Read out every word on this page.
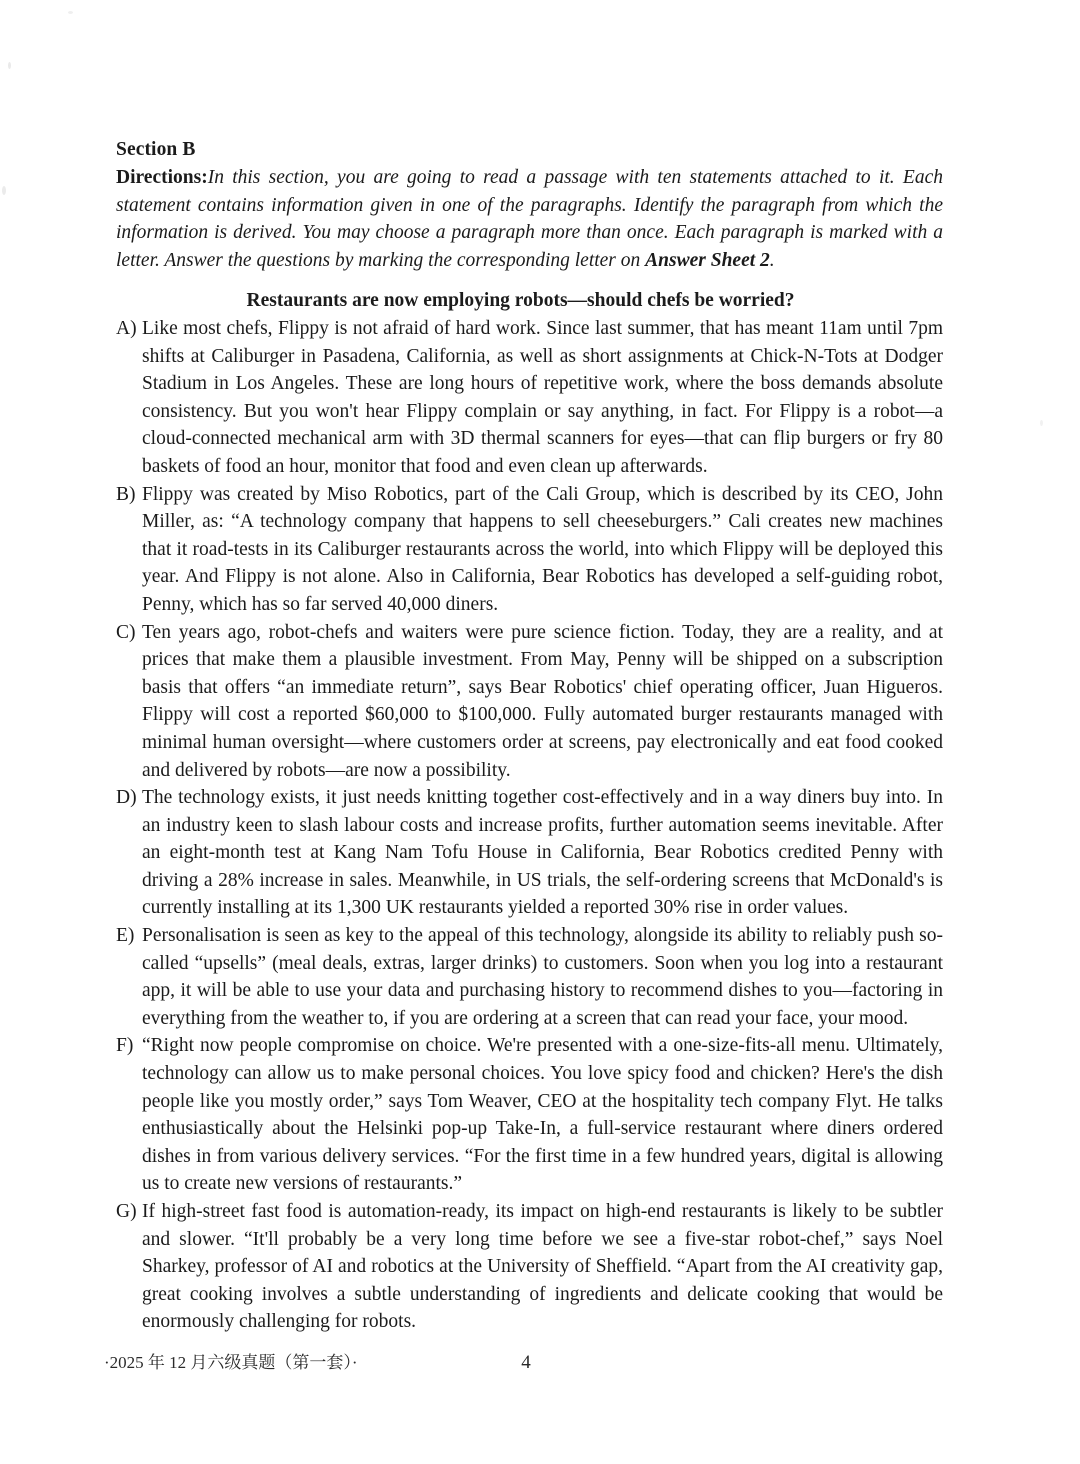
Section B

Directions:In this section, you are going to read a passage with ten statements attached to it. Each statement contains information given in one of the paragraphs. Identify the paragraph from which the information is derived. You may choose a paragraph more than once. Each paragraph is marked with a letter. Answer the questions by marking the corresponding letter on Answer Sheet 2.

Restaurants are now employing robots—should chefs be worried?
A) Like most chefs, Flippy is not afraid of hard work. Since last summer, that has meant 11am until 7pm shifts at Caliburger in Pasadena, California, as well as short assignments at Chick-N-Tots at Dodger Stadium in Los Angeles. These are long hours of repetitive work, where the boss demands absolute consistency. But you won't hear Flippy complain or say anything, in fact. For Flippy is a robot—a cloud-connected mechanical arm with 3D thermal scanners for eyes—that can flip burgers or fry 80 baskets of food an hour, monitor that food and even clean up afterwards.
B) Flippy was created by Miso Robotics, part of the Cali Group, which is described by its CEO, John Miller, as: “A technology company that happens to sell cheeseburgers.” Cali creates new machines that it road-tests in its Caliburger restaurants across the world, into which Flippy will be deployed this year. And Flippy is not alone. Also in California, Bear Robotics has developed a self-guiding robot, Penny, which has so far served 40,000 diners.
C) Ten years ago, robot-chefs and waiters were pure science fiction. Today, they are a reality, and at prices that make them a plausible investment. From May, Penny will be shipped on a subscription basis that offers “an immediate return”, says Bear Robotics' chief operating officer, Juan Higueros. Flippy will cost a reported $60,000 to $100,000. Fully automated burger restaurants managed with minimal human oversight—where customers order at screens, pay electronically and eat food cooked and delivered by robots—are now a possibility.
D) The technology exists, it just needs knitting together cost-effectively and in a way diners buy into. In an industry keen to slash labour costs and increase profits, further automation seems inevitable. After an eight-month test at Kang Nam Tofu House in California, Bear Robotics credited Penny with driving a 28% increase in sales. Meanwhile, in US trials, the self-ordering screens that McDonald's is currently installing at its 1,300 UK restaurants yielded a reported 30% rise in order values.
E) Personalisation is seen as key to the appeal of this technology, alongside its ability to reliably push so-called “upsells” (meal deals, extras, larger drinks) to customers. Soon when you log into a restaurant app, it will be able to use your data and purchasing history to recommend dishes to you—factoring in everything from the weather to, if you are ordering at a screen that can read your face, your mood.
F) “Right now people compromise on choice. We're presented with a one-size-fits-all menu. Ultimately, technology can allow us to make personal choices. You love spicy food and chicken? Here's the dish people like you mostly order,” says Tom Weaver, CEO at the hospitality tech company Flyt. He talks enthusiastically about the Helsinki pop-up Take-In, a full-service restaurant where diners ordered dishes in from various delivery services. “For the first time in a few hundred years, digital is allowing us to create new versions of restaurants.”
G) If high-street fast food is automation-ready, its impact on high-end restaurants is likely to be subtler and slower. “It'll probably be a very long time before we see a five-star robot-chef,” says Noel Sharkey, professor of AI and robotics at the University of Sheffield. “Apart from the AI creativity gap, great cooking involves a subtle understanding of ingredients and delicate cooking that would be enormously challenging for robots.
·2025 年 12 月六级真题（第一套）·	4
